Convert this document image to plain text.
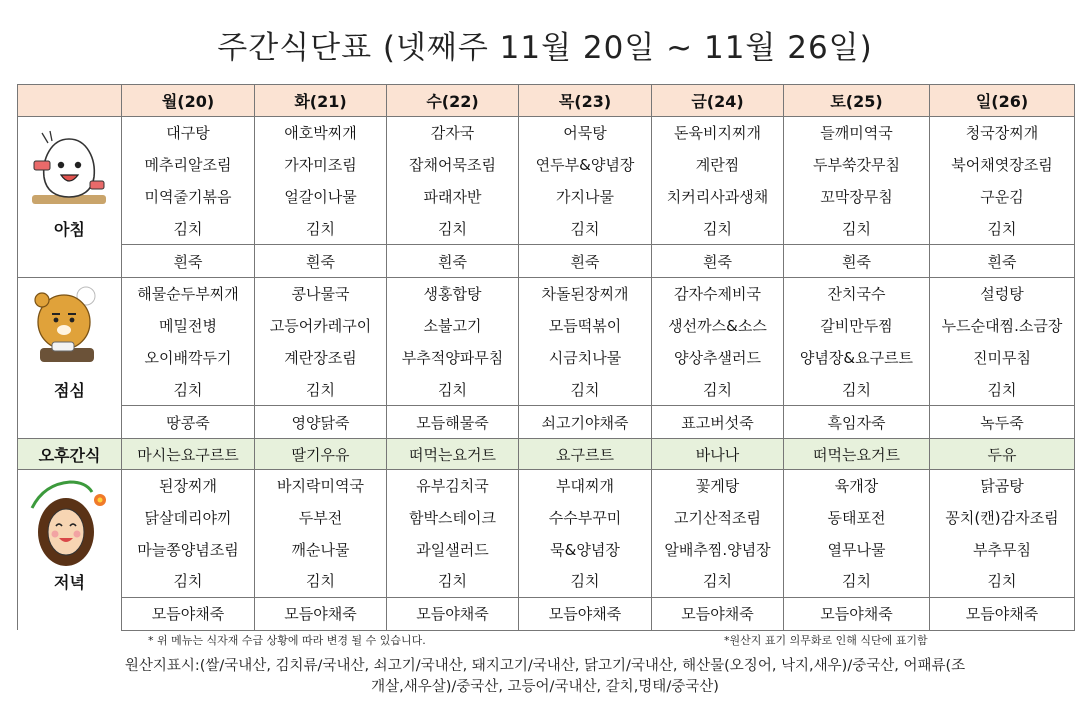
주간식단표 (넷째주 11월 20일 ~ 11월 26일)
	월(20)	화(21)	수(22)	목(23)	금(24)	토(25)	일(26)

아침	대구탕	애호박찌개	감자국	어묵탕	돈육비지찌개	들깨미역국	청국장찌개
	메추리알조림	가자미조림	잡채어묵조림	연두부&양념장	계란찜	두부쑥갓무침	북어채엿장조림
	미역줄기볶음	얼갈이나물	파래자반	가지나물	치커리사과생채	꼬막장무침	구운김
	김치	김치	김치	김치	김치	김치	김치
	흰죽	흰죽	흰죽	흰죽	흰죽	흰죽	흰죽

점심	해물순두부찌개	콩나물국	생홍합탕	차돌된장찌개	감자수제비국	잔치국수	설렁탕
	메밀전병	고등어카레구이	소불고기	모듬떡볶이	생선까스&소스	갈비만두찜	누드순대찜.소금장
	오이배깍두기	계란장조림	부추적양파무침	시금치나물	양상추샐러드	양념장&요구르트	진미무침
	김치	김치	김치	김치	김치	김치	김치
	땅콩죽	영양닭죽	모듬해물죽	쇠고기야채죽	표고버섯죽	흑임자죽	녹두죽
오후간식	마시는요구르트	딸기우유	떠먹는요거트	요구르트	바나나	떠먹는요거트	두유

저녁	된장찌개	바지락미역국	유부김치국	부대찌개	꽃게탕	육개장	닭곰탕
	닭살데리야끼	두부전	함박스테이크	수수부꾸미	고기산적조림	동태포전	꽁치(캔)감자조림
	마늘쫑양념조림	깨순나물	과일샐러드	묵&양념장	알배추찜.양념장	열무나물	부추무침
	김치	김치	김치	김치	김치	김치	김치
	모듬야채죽	모듬야채죽	모듬야채죽	모듬야채죽	모듬야채죽	모듬야채죽	모듬야채죽
* 위 메뉴는 식자재 수급 상황에 따라 변경 될 수 있습니다.	*원산지 표기 의무화로 인해 식단에 표기함
원산지표시:(쌀/국내산, 김치류/국내산, 쇠고기/국내산, 돼지고기/국내산, 닭고기/국내산, 해산물(오징어, 낙지,새우)/중국산, 어패류(조
개살,새우살)/중국산, 고등어/국내산, 갈치,명태/중국산)
